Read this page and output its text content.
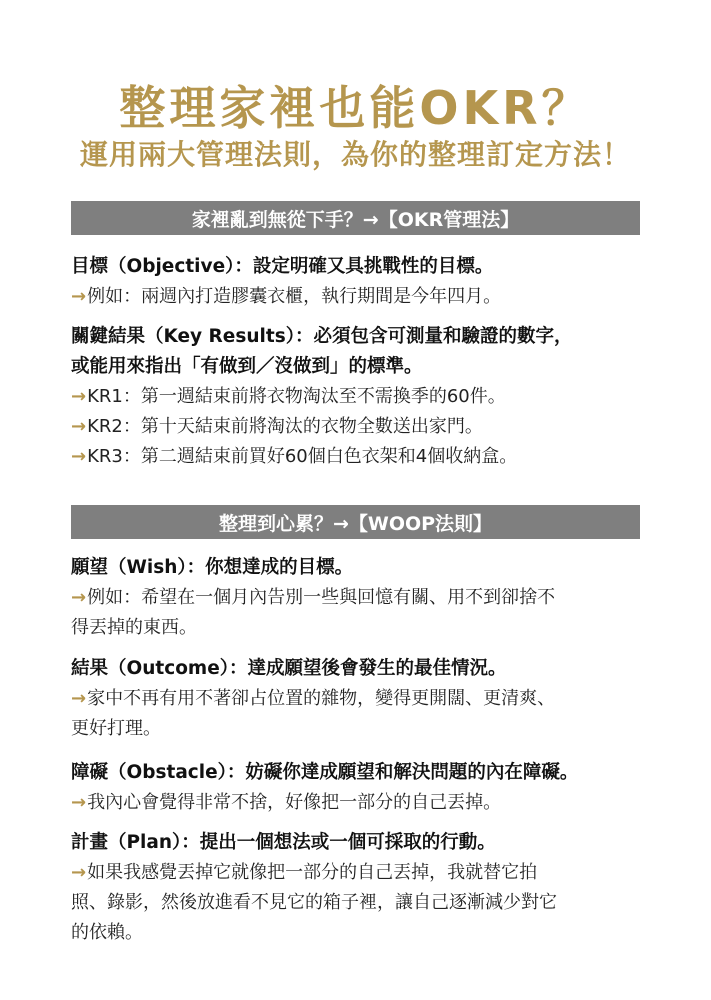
整理家裡也能OKR？
運用兩大管理法則，為你的整理訂定方法！
家裡亂到無從下手？→【OKR管理法】
目標（Objective）：設定明確又具挑戰性的目標。
→例如：兩週內打造膠囊衣櫃，執行期間是今年四月。
關鍵結果（Key Results）：必須包含可測量和驗證的數字，
或能用來指出「有做到／沒做到」的標準。
→KR1：第一週結束前將衣物淘汰至不需換季的60件。
→KR2：第十天結束前將淘汰的衣物全數送出家門。
→KR3：第二週結束前買好60個白色衣架和4個收納盒。
整理到心累？→【WOOP法則】
願望（Wish）：你想達成的目標。
→例如：希望在一個月內告別一些與回憶有關、用不到卻捨不
得丟掉的東西。
結果（Outcome）：達成願望後會發生的最佳情況。
→家中不再有用不著卻占位置的雜物，變得更開闊、更清爽、
更好打理。
障礙（Obstacle）：妨礙你達成願望和解決問題的內在障礙。
→我內心會覺得非常不捨，好像把一部分的自己丟掉。
計畫（Plan）：提出一個想法或一個可採取的行動。
→如果我感覺丟掉它就像把一部分的自己丟掉，我就替它拍
照、錄影，然後放進看不見它的箱子裡，讓自己逐漸減少對它
的依賴。
